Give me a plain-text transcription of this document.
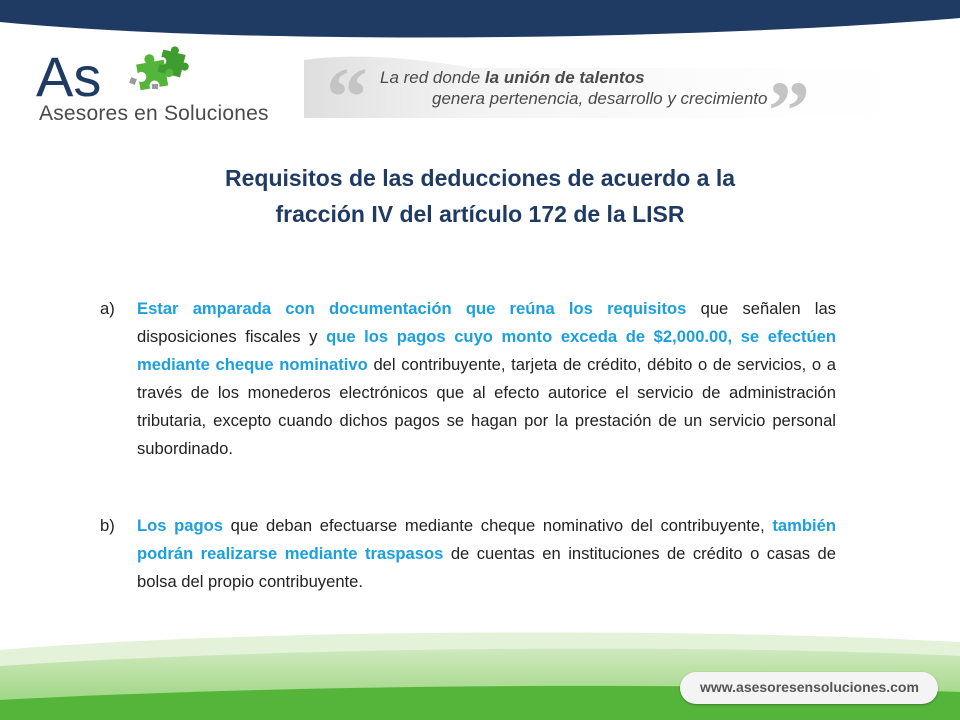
As
Asesores en Soluciones “ La red donde la unión de talentos
genera pertenencia, desarrollo y crecimiento ”
Requisitos de las deducciones de acuerdo a la
fracción IV del artículo 172 de la LISR
a)	Estar amparada con documentación que reúna los requisitos que señalen las disposiciones fiscales y que los pagos cuyo monto exceda de $2,000.00, se efectúen mediante cheque nominativo del contribuyente, tarjeta de crédito, débito o de servicios, o a través de los monederos electrónicos que al efecto autorice el servicio de administración tributaria, excepto cuando dichos pagos se hagan por la prestación de un servicio personal subordinado.
b)	Los pagos que deban efectuarse mediante cheque nominativo del contribuyente, también podrán realizarse mediante traspasos de cuentas en instituciones de crédito o casas de bolsa del propio contribuyente.
www.asesoresensoluciones.com
